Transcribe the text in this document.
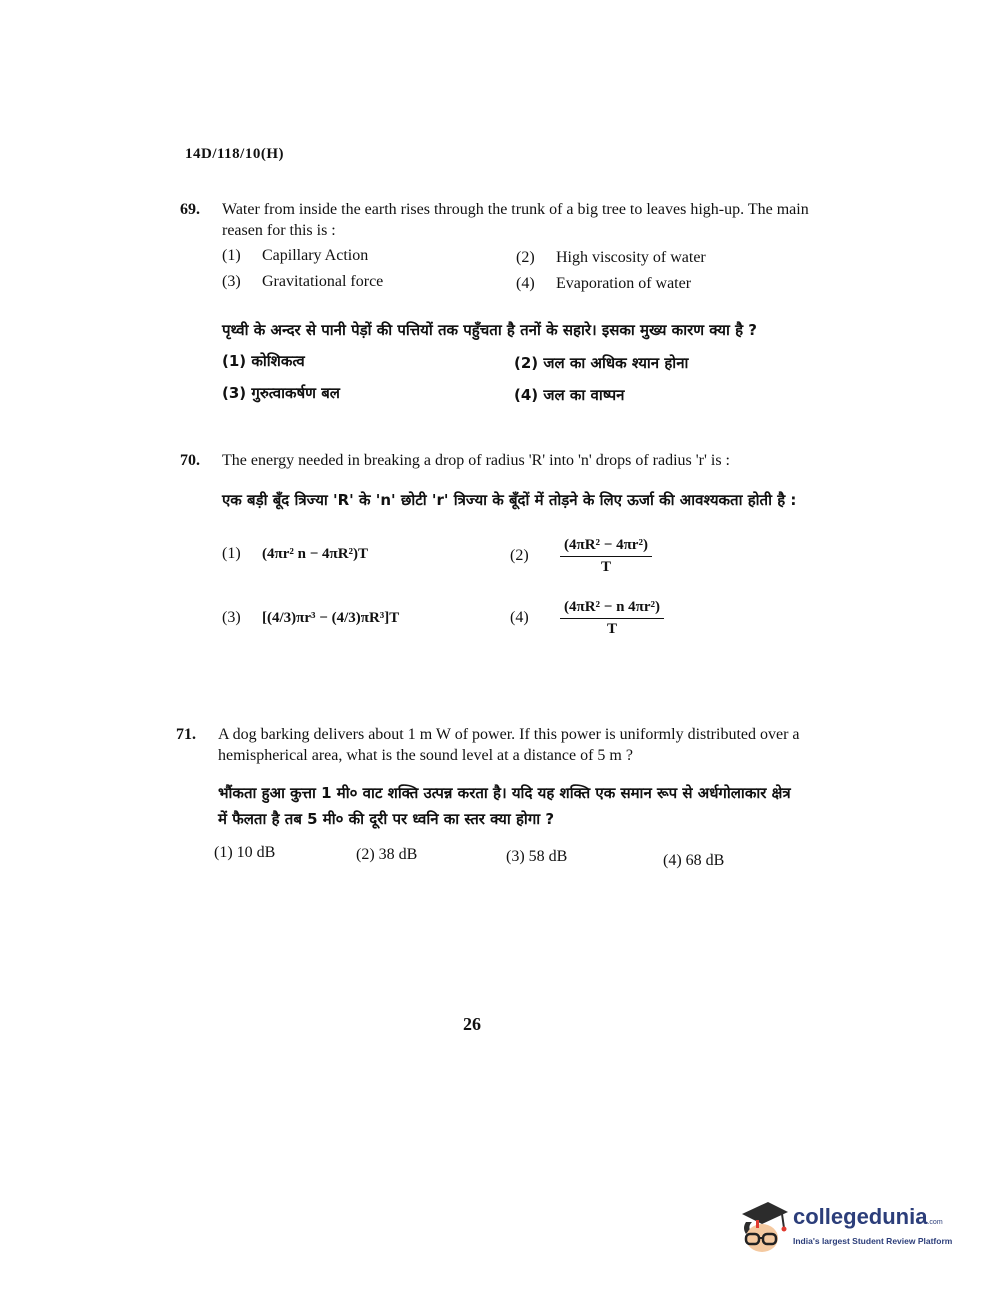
14D/118/10(H)
69. Water from inside the earth rises through the trunk of a big tree to leaves high-up. The main reasen for this is :
(1) Capillary Action	(2) High viscosity of water
(3) Gravitational force	(4) Evaporation of water
पृथ्वी के अन्दर से पानी पेड़ों की पत्तियों तक पहुँचता है तनों के सहारे। इसका मुख्य कारण क्या है ?
(1) कोशिकत्व	(2) जल का अधिक श्यान होना
(3) गुरुत्वाकर्षण बल	(4) जल का वाष्पन
70. The energy needed in breaking a drop of radius 'R' into 'n' drops of radius 'r' is :
एक बड़ी बूँद त्रिज्या 'R' के 'n' छोटी 'r' त्रिज्या के बूँदों में तोड़ने के लिए ऊर्जा की आवश्यकता होती है :
(1) (4πr² n − 4πR²)T	$(2) \frac{\text{(4πR² − 4πr²)}}{T}$
(3) [(4/3)πr³ − (4/3)πR³]T	$(4) \frac{\text{(4πR² − n 4πr²)}}{T}$
71. A dog barking delivers about 1 m W of power. If this power is uniformly distributed over a hemispherical area, what is the sound level at a distance of 5 m ?
भौंकता हुआ कुत्ता 1 मी० वाट शक्ति उत्पन्न करता है। यदि यह शक्ति एक समान रूप से अर्धगोलाकार क्षेत्र में फैलता है तब 5 मी० की दूरी पर ध्वनि का स्तर क्या होगा ?
(1) 10 dB	(2) 38 dB	(3) 58 dB	(4) 68 dB
26
collegedunia.com
India's largest Student Review Platform
